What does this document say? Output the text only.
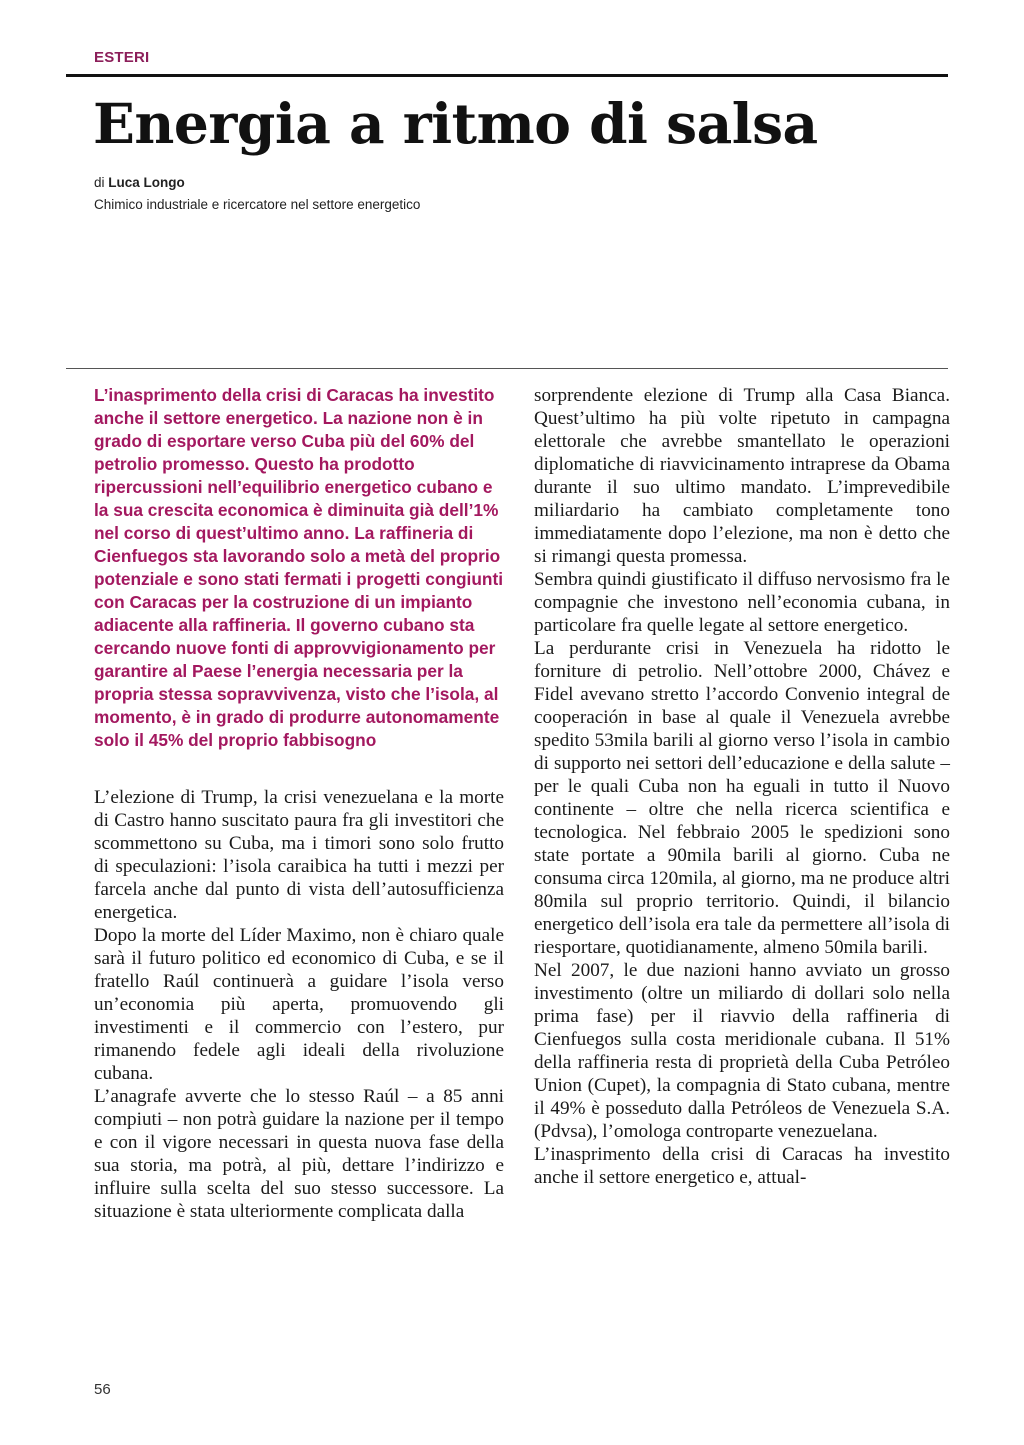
ESTERI
Energia a ritmo di salsa
di Luca Longo
Chimico industriale e ricercatore nel settore energetico

L’inasprimento della crisi di Caracas ha investito anche il settore energetico. La nazione non è in grado di esportare verso Cuba più del 60% del petrolio promesso. Questo ha prodotto ripercussioni nell’equilibrio energetico cubano e la sua crescita economica è diminuita già dell’1% nel corso di quest’ultimo anno. La raffineria di Cienfuegos sta lavorando solo a metà del proprio potenziale e sono stati fermati i progetti congiunti con Caracas per la costruzione di un impianto adiacente alla raffineria. Il governo cubano sta cercando nuove fonti di approvvigionamento per garantire al Paese l’energia necessaria per la propria stessa sopravvivenza, visto che l’isola, al momento, è in grado di produrre autonomamente solo il 45% del proprio fabbisogno

L’elezione di Trump, la crisi venezuelana e la morte di Castro hanno suscitato paura fra gli investitori che scommettono su Cuba, ma i timori sono solo frutto di speculazioni: l’isola caraibica ha tutti i mezzi per farcela anche dal punto di vista dell’autosufficienza energetica.

Dopo la morte del Líder Maximo, non è chiaro quale sarà il futuro politico ed economico di Cuba, e se il fratello Raúl continuerà a guidare l’isola verso un’economia più aperta, promuovendo gli investimenti e il commercio con l’estero, pur rimanendo fedele agli ideali della rivoluzione cubana.

L’anagrafe avverte che lo stesso Raúl – a 85 anni compiuti – non potrà guidare la nazione per il tempo e con il vigore necessari in questa nuova fase della sua storia, ma potrà, al più, dettare l’indirizzo e influire sulla scelta del suo stesso successore. La situazione è stata ulteriormente complicata dalla

sorprendente elezione di Trump alla Casa Bianca. Quest’ultimo ha più volte ripetuto in campagna elettorale che avrebbe smantellato le operazioni diplomatiche di riavvicinamento intraprese da Obama durante il suo ultimo mandato. L’imprevedibile miliardario ha cambiato completamente tono immediatamente dopo l’elezione, ma non è detto che si rimangi questa promessa.

Sembra quindi giustificato il diffuso nervosismo fra le compagnie che investono nell’economia cubana, in particolare fra quelle legate al settore energetico.

La perdurante crisi in Venezuela ha ridotto le forniture di petrolio. Nell’ottobre 2000, Chávez e Fidel avevano stretto l’accordo Convenio integral de cooperación in base al quale il Venezuela avrebbe spedito 53mila barili al giorno verso l’isola in cambio di supporto nei settori dell’educazione e della salute – per le quali Cuba non ha eguali in tutto il Nuovo continente – oltre che nella ricerca scientifica e tecnologica. Nel febbraio 2005 le spedizioni sono state portate a 90mila barili al giorno. Cuba ne consuma circa 120mila, al giorno, ma ne produce altri 80mila sul proprio territorio. Quindi, il bilancio energetico dell’isola era tale da permettere all’isola di riesportare, quotidianamente, almeno 50mila barili.

Nel 2007, le due nazioni hanno avviato un grosso investimento (oltre un miliardo di dollari solo nella prima fase) per il riavvio della raffineria di Cienfuegos sulla costa meridionale cubana. Il 51% della raffineria resta di proprietà della Cuba Petróleo Union (Cupet), la compagnia di Stato cubana, mentre il 49% è posseduto dalla Petróleos de Venezuela S.A. (Pdvsa), l’omologa controparte venezuelana.

L’inasprimento della crisi di Caracas ha investito anche il settore energetico e, attual-

56
